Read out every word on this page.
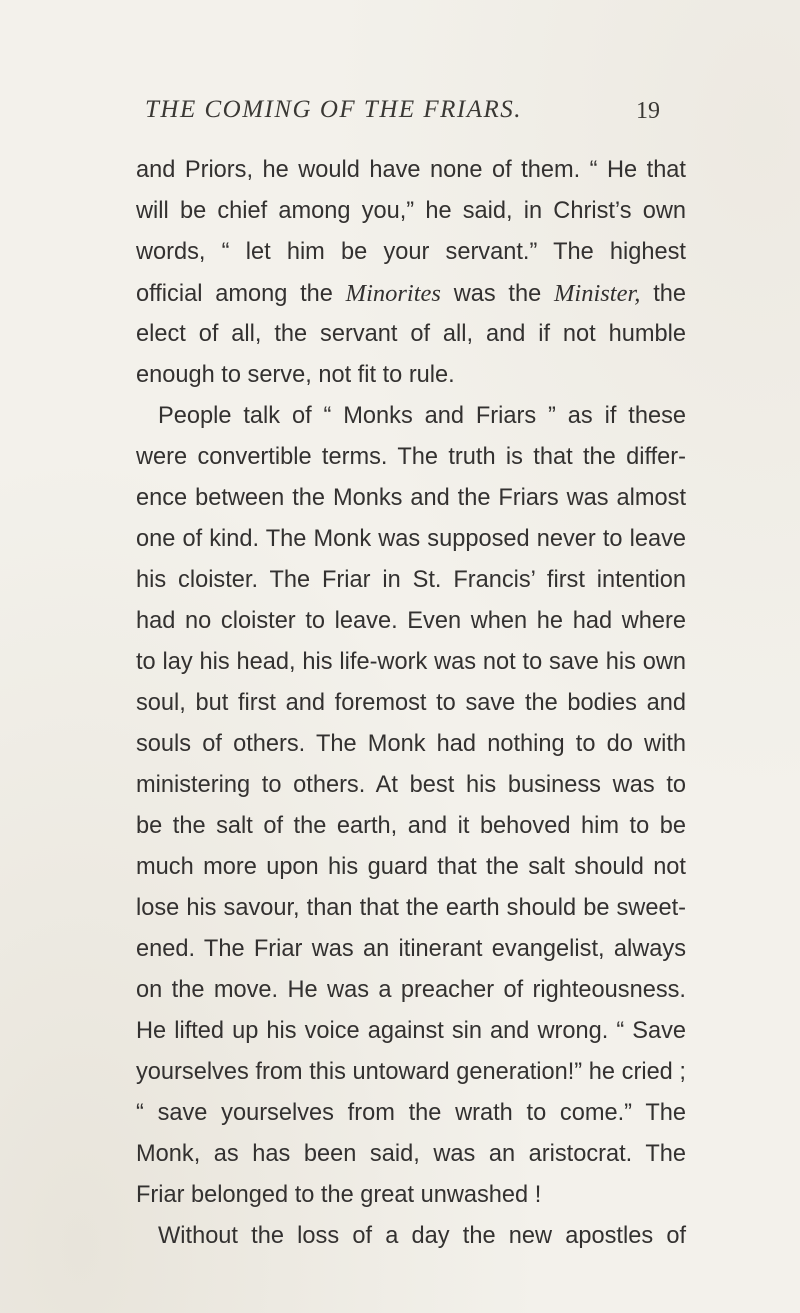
THE COMING OF THE FRIARS.	19
and Priors, he would have none of them. “ He that
will be chief among you,” he said, in Christ’s own
words, “ let him be your servant.” The highest
official among the Minorites was the Minister, the
elect of all, the servant of all, and if not humble
enough to serve, not fit to rule.
People talk of “ Monks and Friars ” as if these
were convertible terms. The truth is that the differ-
ence between the Monks and the Friars was almost
one of kind. The Monk was supposed never to leave
his cloister. The Friar in St. Francis’ first intention
had no cloister to leave. Even when he had where
to lay his head, his life-work was not to save his own
soul, but first and foremost to save the bodies and
souls of others. The Monk had nothing to do with
ministering to others. At best his business was to
be the salt of the earth, and it behoved him to be
much more upon his guard that the salt should not
lose his savour, than that the earth should be sweet-
ened. The Friar was an itinerant evangelist, always
on the move. He was a preacher of righteousness.
He lifted up his voice against sin and wrong. “ Save
yourselves from this untoward generation!” he cried ;
“ save yourselves from the wrath to come.” The
Monk, as has been said, was an aristocrat. The
Friar belonged to the great unwashed !
Without the loss of a day the new apostles of
